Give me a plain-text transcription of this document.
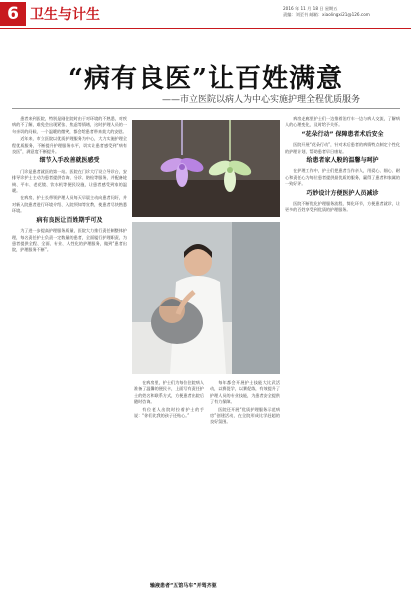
6 卫生与计生	2016 年 11 月 18 日 星期五
责编：刘至书 邮箱：xiaolingxi21@126.com
“病有良医”让百姓满意
——市立医院以病人为中心实施护理全程优质服务

患者来到医院，特别是刚住院时由于对环境的不熟悉，对疾病的不了解，难免会出现紧张、焦虑等情绪，这时护理人员的一句亲切的问候、一个温暖的微笑，都会给患者带来莫大的安慰。

近年来，市立医院以优质护理服务为中心，大力实施护理全程优质服务，不断提升护理服务水平，切实让患者感受到“病有良医”，满意度不断提升。

细节入手改善就医感受

门诊是患者就医的第一站。医院在门诊大厅设立导诊台，安排导诊护士主动为患者提供咨询、分诊、陪检等服务，并配备轮椅、平车、老花镜、饮水机等便民设施，让患者感受到家的温暖。

在病房，护士长带领护理人员每天早晨主动向患者问好，并对新入院患者进行环境介绍、入院须知等宣教，使患者尽快熟悉环境。

病有良医让百姓期乎可及

为了进一步提高护理服务质量，医院大力推行责任制整体护理，每名责任护士负责一定数量的患者，全面履行护理职责，为患者提供全程、全面、专业、人性化的护理服务，做到“患者出院，护理服务不断”。

在病房里，护士们为每位住院病人准备了温馨的便民卡，上面写有责任护士的姓名和联系方式，方便患者出院后随时咨询。

有位老人出院时拉着护士的手说：“你们比我的孩子还贴心。”

每年都会开展护士技能大比武活动，以赛促学，以赛促练，有效提升了护理人员的专业技能，为患者安全提供了有力保障。

医院还开展“优质护理服务示范病房”创建活动，在全院形成比学赶超的良好氛围。

病房走廊里护士们一边推着治疗车一边与病人交流，了解病人的心理变化，及时给予关怀。

“花朵行动” 保障患者术后安全

医院开展“花朵行动”，针对术后患者的病情特点制定个性化的护理计划，帮助患者早日康复。

给患者家人般的温馨与呵护

在护理工作中，护士们把患者当作亲人，用爱心、细心、耐心和责任心为每位患者提供最优质的服务，赢得了患者和家属的一致好评。

巧妙设计方便医护人员减诊

医院不断优化护理服务流程，简化环节，方便患者就诊，让更多的百姓享受到优质的护理服务。

输液患者“五馆马车”并驾齐驱
